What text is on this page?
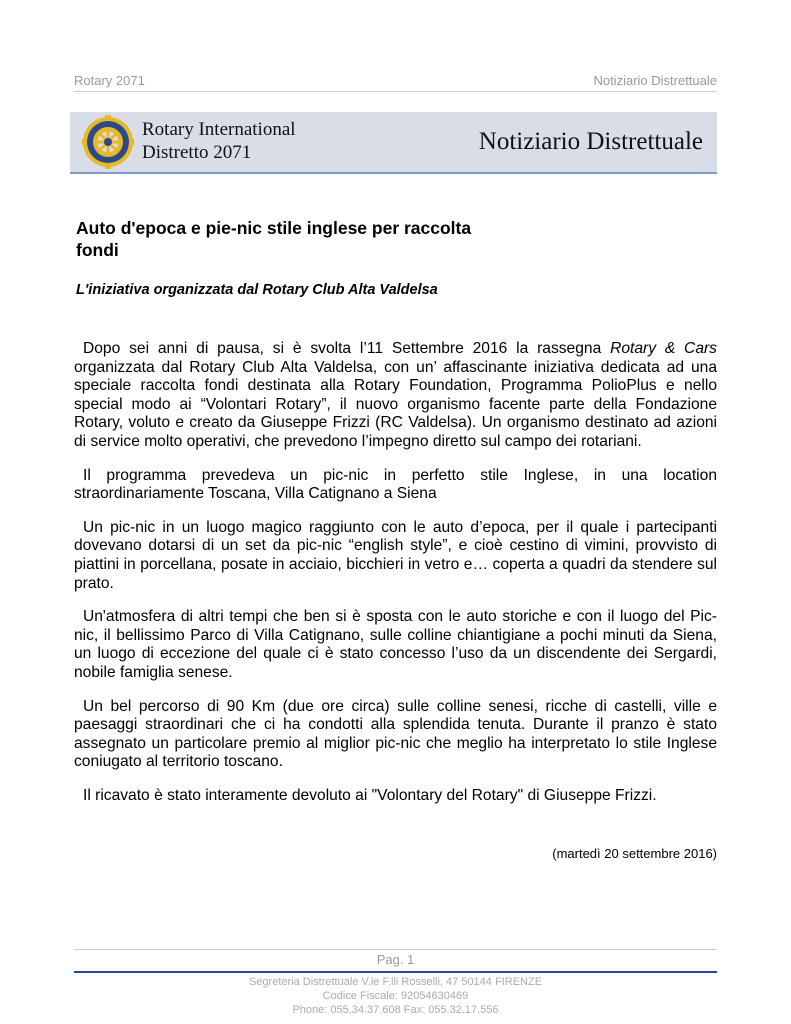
Rotary 2071	Notiziario Distrettuale
Rotary International
Distretto 2071	Notiziario Distrettuale
Auto d'epoca e pie-nic stile inglese per raccolta fondi
L'iniziativa organizzata dal Rotary Club Alta Valdelsa

Dopo sei anni di pausa, si è svolta l’11 Settembre 2016 la rassegna Rotary & Cars organizzata dal Rotary Club Alta Valdelsa, con un’ affascinante iniziativa dedicata ad una speciale raccolta fondi destinata alla Rotary Foundation, Programma PolioPlus e nello special modo ai “Volontari Rotary”, il nuovo organismo facente parte della Fondazione Rotary, voluto e creato da Giuseppe Frizzi (RC Valdelsa). Un organismo destinato ad azioni di service molto operativi, che prevedono l’impegno diretto sul campo dei rotariani.

Il programma prevedeva un pic-nic in perfetto stile Inglese, in una location straordinariamente Toscana, Villa Catignano a Siena

Un pic-nic in un luogo magico raggiunto con le auto d’epoca, per il quale i partecipanti dovevano dotarsi di un set da pic-nic “english style”, e cioè cestino di vimini, provvisto di piattini in porcellana, posate in acciaio, bicchieri in vetro e… coperta a quadri da stendere sul prato.

Un'atmosfera di altri tempi che ben si è sposta con le auto storiche e con il luogo del Pic-nic, il bellissimo Parco di Villa Catignano, sulle colline chiantigiane a pochi minuti da Siena, un luogo di eccezione del quale ci è stato concesso l’uso da un discendente dei Sergardi, nobile famiglia senese.

Un bel percorso di 90 Km (due ore circa) sulle colline senesi, ricche di castelli, ville e paesaggi straordinari che ci ha condotti alla splendida tenuta. Durante il pranzo è stato assegnato un particolare premio al miglior pic-nic che meglio ha interpretato lo stile Inglese coniugato al territorio toscano.

Il ricavato è stato interamente devoluto ai "Volontary del Rotary" di Giuseppe Frizzi.

(martedì 20 settembre 2016)
Pag. 1
Segreteria Distrettuale V.le F.lli Rosselli, 47 50144 FIRENZE
Codice Fiscale: 92054630469
Phone: 055.34.37.608 Fax: 055.32.17.556
